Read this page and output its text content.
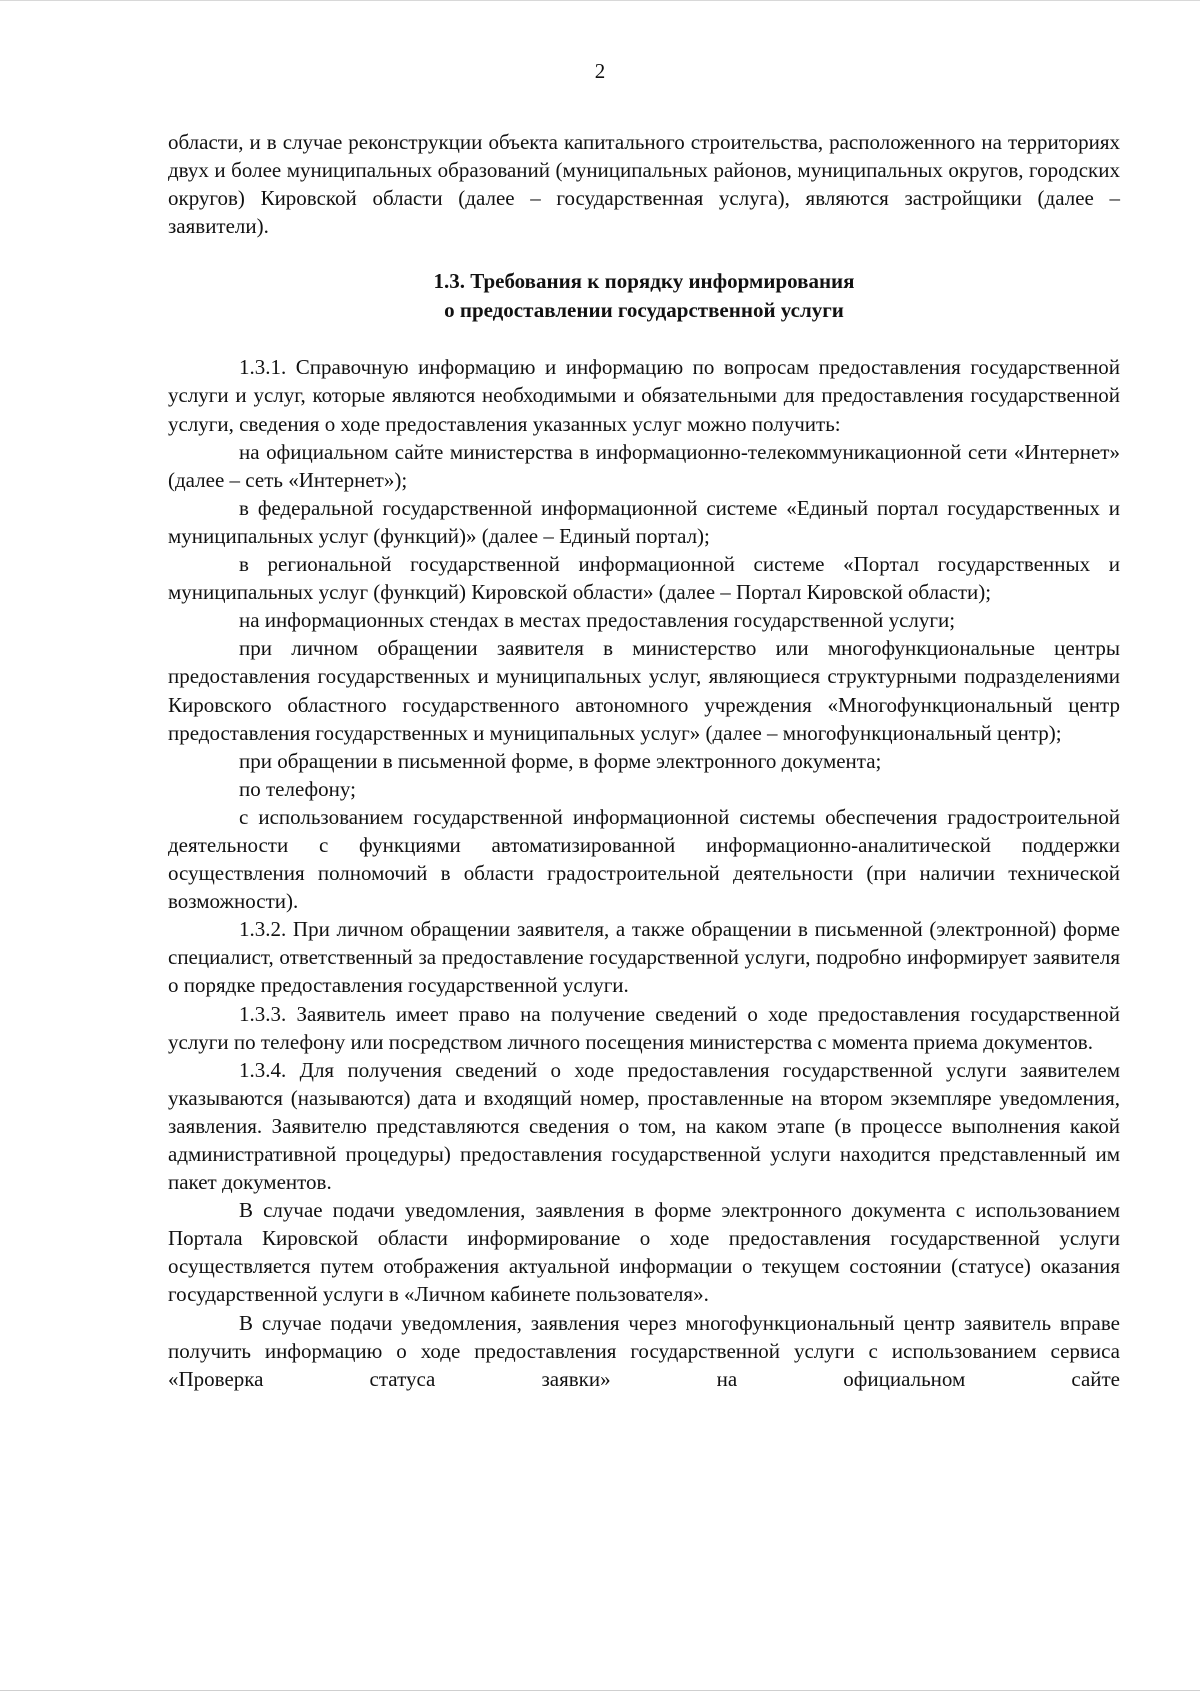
2

области, и в случае реконструкции объекта капитального строительства, расположенного на территориях двух и более муниципальных образований (муниципальных районов, муниципальных округов, городских округов) Кировской области (далее – государственная услуга), являются застройщики (далее – заявители).

1.3. Требования к порядку информирования
о предоставлении государственной услуги

1.3.1. Справочную информацию и информацию по вопросам предоставления государственной услуги и услуг, которые являются необходимыми и обязательными для предоставления государственной услуги, сведения о ходе предоставления указанных услуг можно получить:

на официальном сайте министерства в информационно-телекоммуникационной сети «Интернет» (далее – сеть «Интернет»);

в федеральной государственной информационной системе «Единый портал государственных и муниципальных услуг (функций)» (далее – Единый портал);

в региональной государственной информационной системе «Портал государственных и муниципальных услуг (функций) Кировской области» (далее – Портал Кировской области);

на информационных стендах в местах предоставления государственной услуги;

при личном обращении заявителя в министерство или многофункциональные центры предоставления государственных и муниципальных услуг, являющиеся структурными подразделениями Кировского областного государственного автономного учреждения «Многофункциональный центр предоставления государственных и муниципальных услуг» (далее – многофункциональный центр);

при обращении в письменной форме, в форме электронного документа;

по телефону;

с использованием государственной информационной системы обеспечения градостроительной деятельности с функциями автоматизированной информационно-аналитической поддержки осуществления полномочий в области градостроительной деятельности (при наличии технической возможности).

1.3.2. При личном обращении заявителя, а также обращении в письменной (электронной) форме специалист, ответственный за предоставление государственной услуги, подробно информирует заявителя о порядке предоставления государственной услуги.

1.3.3. Заявитель имеет право на получение сведений о ходе предоставления государственной услуги по телефону или посредством личного посещения министерства с момента приема документов.

1.3.4. Для получения сведений о ходе предоставления государственной услуги заявителем указываются (называются) дата и входящий номер, проставленные на втором экземпляре уведомления, заявления. Заявителю представляются сведения о том, на каком этапе (в процессе выполнения какой административной процедуры) предоставления государственной услуги находится представленный им пакет документов.

В случае подачи уведомления, заявления в форме электронного документа с использованием Портала Кировской области информирование о ходе предоставления государственной услуги осуществляется путем отображения актуальной информации о текущем состоянии (статусе) оказания государственной услуги в «Личном кабинете пользователя».

В случае подачи уведомления, заявления через многофункциональный центр заявитель вправе получить информацию о ходе предоставления государственной услуги с использованием сервиса «Проверка статуса заявки» на официальном сайте
